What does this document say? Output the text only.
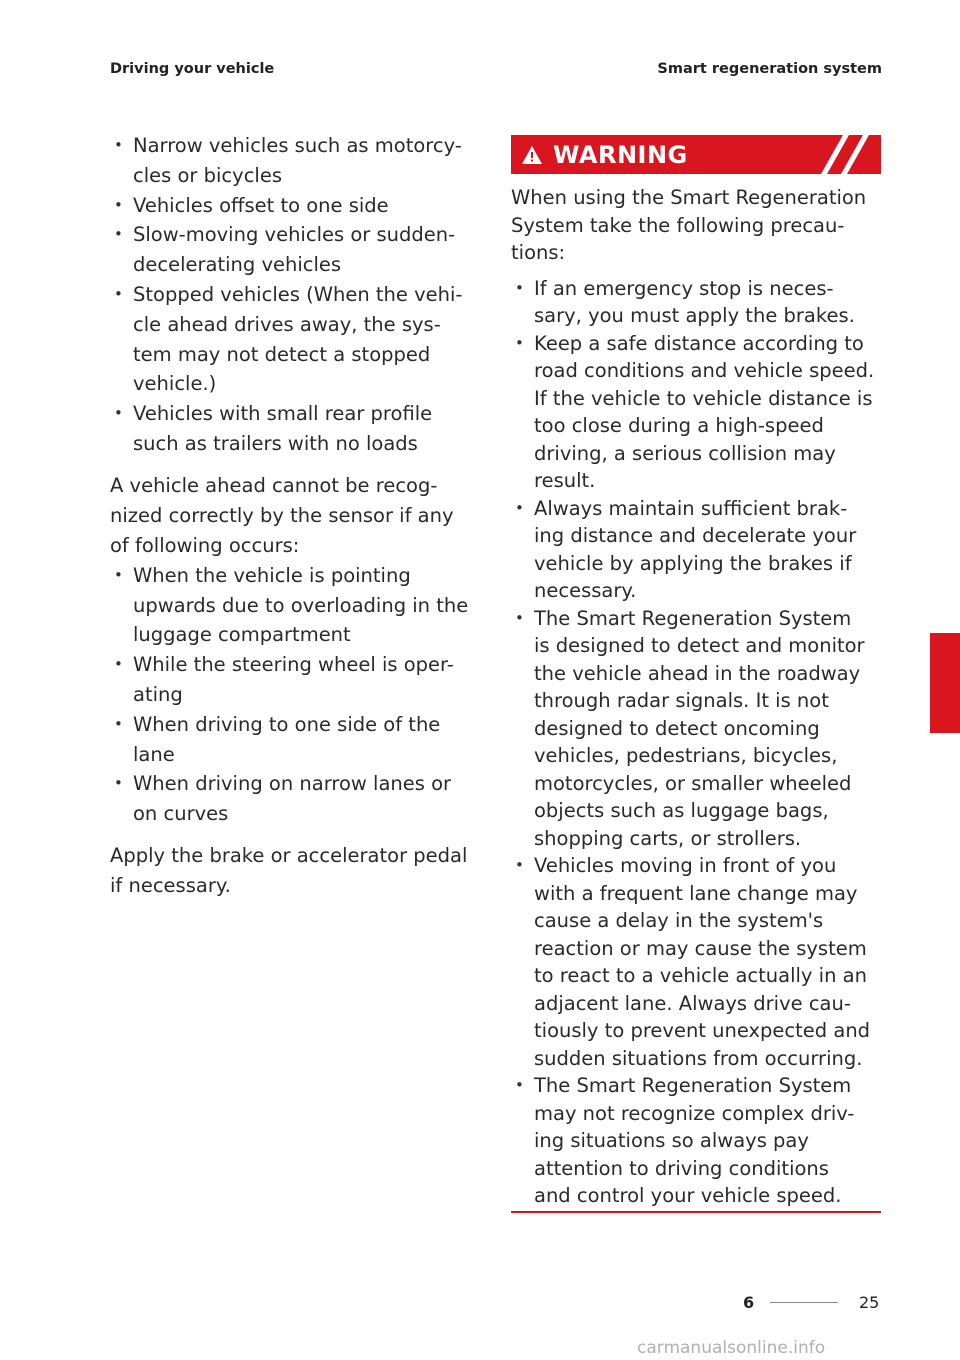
Driving your vehicle	Smart regeneration system
• Narrow vehicles such as motorcy-
cles or bicycles
• Vehicles offset to one side
• Slow-moving vehicles or sudden-
decelerating vehicles
• Stopped vehicles (When the vehi-
cle ahead drives away, the sys-
tem may not detect a stopped
vehicle.)
• Vehicles with small rear profile
such as trailers with no loads

A vehicle ahead cannot be recog-
nized correctly by the sensor if any
of following occurs:

• When the vehicle is pointing
upwards due to overloading in the
luggage compartment
• While the steering wheel is oper-
ating
• When driving to one side of the
lane
• When driving on narrow lanes or
on curves

Apply the brake or accelerator pedal
if necessary.

WARNING

When using the Smart Regeneration
System take the following precau-
tions:

• If an emergency stop is neces-
sary, you must apply the brakes.
• Keep a safe distance according to
road conditions and vehicle speed.
If the vehicle to vehicle distance is
too close during a high-speed
driving, a serious collision may
result.
• Always maintain sufficient brak-
ing distance and decelerate your
vehicle by applying the brakes if
necessary.
• The Smart Regeneration System
is designed to detect and monitor
the vehicle ahead in the roadway
through radar signals. It is not
designed to detect oncoming
vehicles, pedestrians, bicycles,
motorcycles, or smaller wheeled
objects such as luggage bags,
shopping carts, or strollers.
• Vehicles moving in front of you
with a frequent lane change may
cause a delay in the system's
reaction or may cause the system
to react to a vehicle actually in an
adjacent lane. Always drive cau-
tiously to prevent unexpected and
sudden situations from occurring.
• The Smart Regeneration System
may not recognize complex driv-
ing situations so always pay
attention to driving conditions
and control your vehicle speed.
6
6	25
carmanualsonline.info
